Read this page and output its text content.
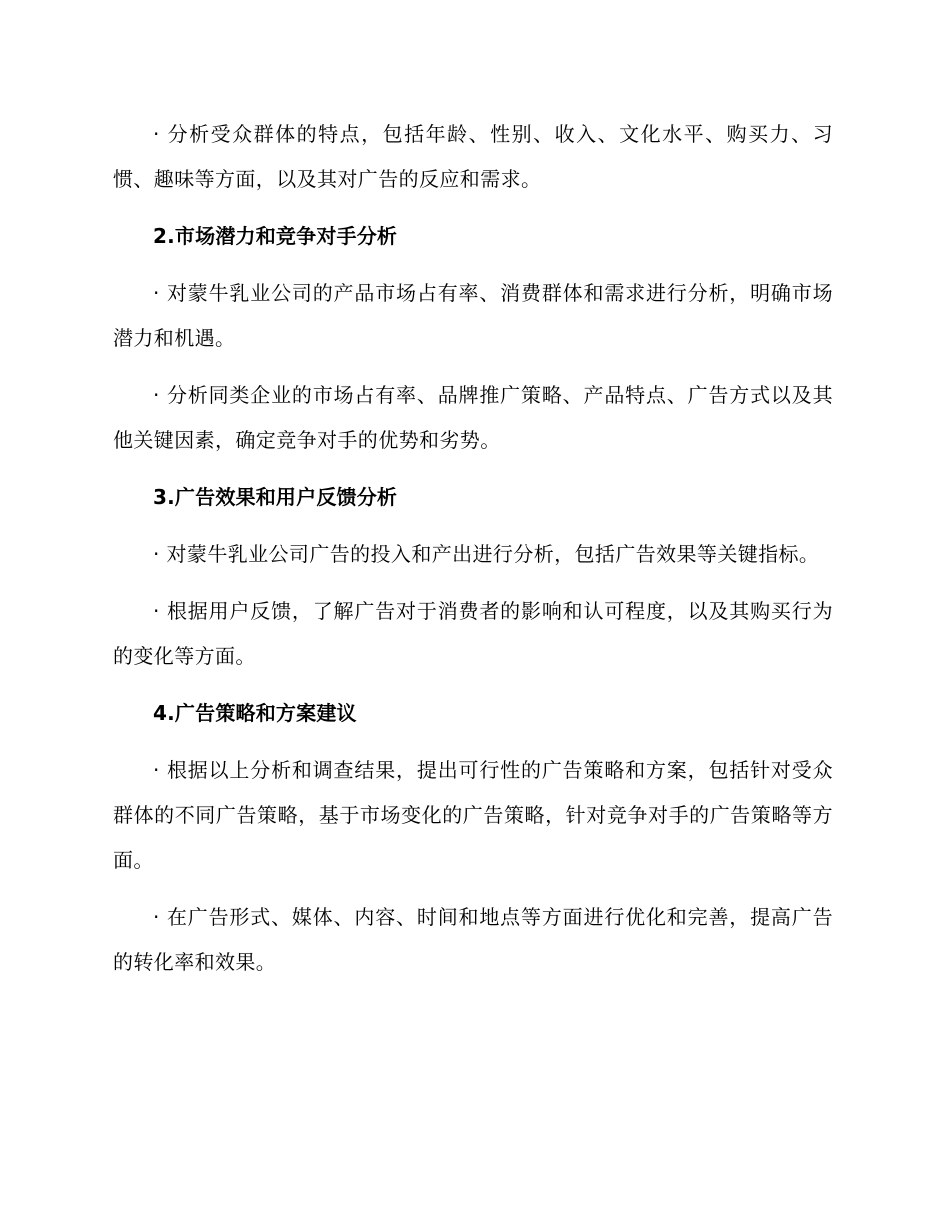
· 分析受众群体的特点，包括年龄、性别、收入、文化水平、购买力、习惯、趣味等方面，以及其对广告的反应和需求。

2.市场潜力和竞争对手分析

· 对蒙牛乳业公司的产品市场占有率、消费群体和需求进行分析，明确市场潜力和机遇。

· 分析同类企业的市场占有率、品牌推广策略、产品特点、广告方式以及其他关键因素，确定竞争对手的优势和劣势。

3.广告效果和用户反馈分析

· 对蒙牛乳业公司广告的投入和产出进行分析，包括广告效果等关键指标。

· 根据用户反馈，了解广告对于消费者的影响和认可程度，以及其购买行为的变化等方面。

4.广告策略和方案建议

· 根据以上分析和调查结果，提出可行性的广告策略和方案，包括针对受众群体的不同广告策略，基于市场变化的广告策略，针对竞争对手的广告策略等方面。

· 在广告形式、媒体、内容、时间和地点等方面进行优化和完善，提高广告的转化率和效果。
